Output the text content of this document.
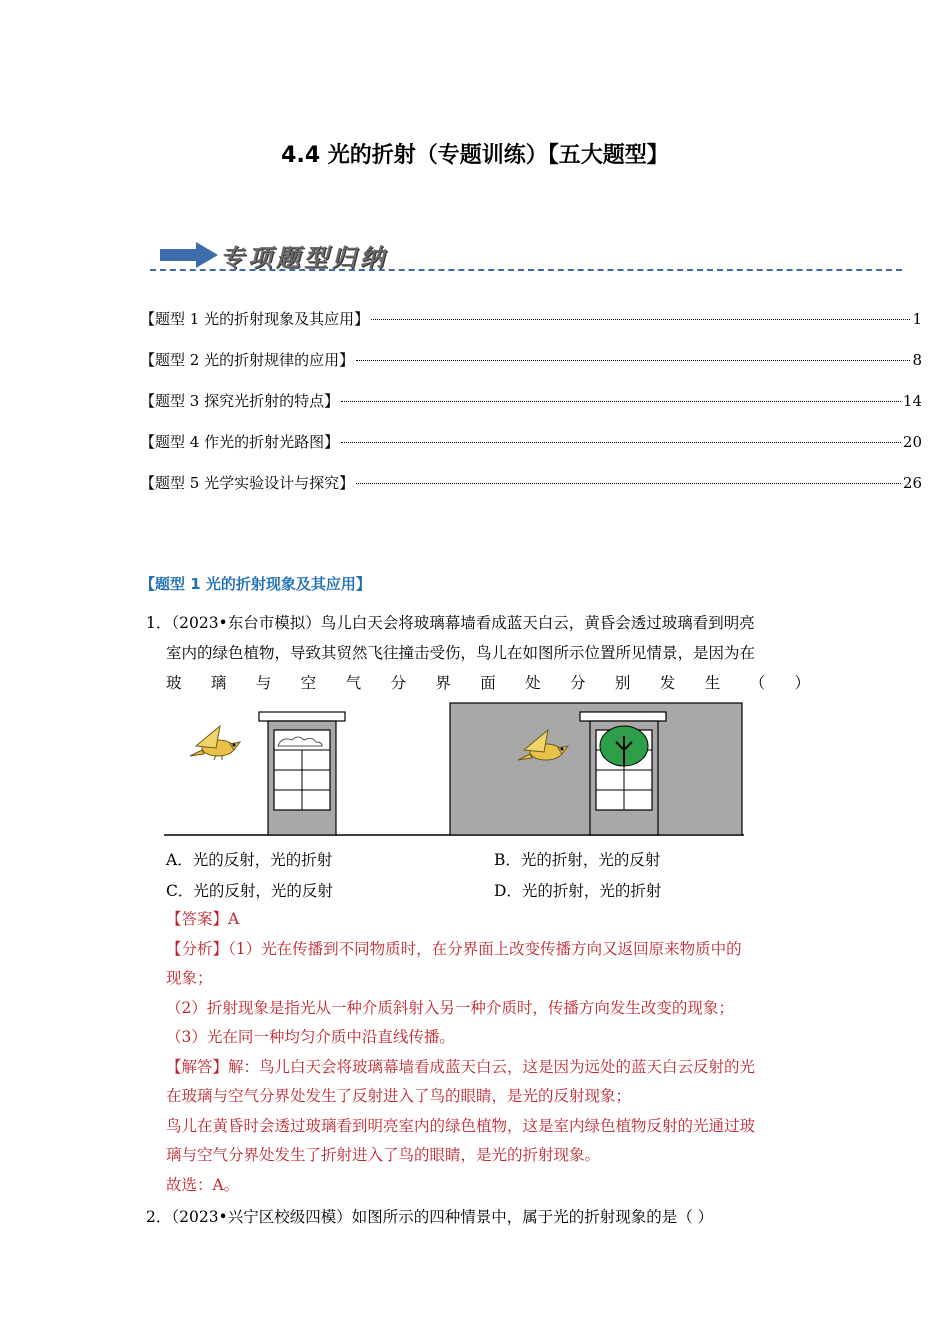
4.4 光的折射（专题训练）【五大题型】
专项题型归纳
【题型 1 光的折射现象及其应用】	1
【题型 2 光的折射规律的应用】	8
【题型 3 探究光折射的特点】	14
【题型 4 作光的折射光路图】	20
【题型 5 光学实验设计与探究】	26
【题型 1 光的折射现象及其应用】
1．（2023•东台市模拟）鸟儿白天会将玻璃幕墙看成蓝天白云，黄昏会透过玻璃看到明亮
室内的绿色植物，导致其贸然飞往撞击受伤，鸟儿在如图所示位置所见情景，是因为在
玻 璃 与 空 气 分 界 面 处 分 别 发 生 （ ）
A．光的反射，光的折射	B．光的折射，光的反射
C．光的反射，光的反射	D．光的折射，光的折射
【答案】A
【分析】（1）光在传播到不同物质时，在分界面上改变传播方向又返回原来物质中的
现象；
（2）折射现象是指光从一种介质斜射入另一种介质时，传播方向发生改变的现象；
（3）光在同一种均匀介质中沿直线传播。
【解答】解：鸟儿白天会将玻璃幕墙看成蓝天白云，这是因为远处的蓝天白云反射的光
在玻璃与空气分界处发生了反射进入了鸟的眼睛，是光的反射现象；
鸟儿在黄昏时会透过玻璃看到明亮室内的绿色植物，这是室内绿色植物反射的光通过玻
璃与空气分界处发生了折射进入了鸟的眼睛，是光的折射现象。
故选：A。
2．（2023•兴宁区校级四模）如图所示的四种情景中，属于光的折射现象的是（ ）
